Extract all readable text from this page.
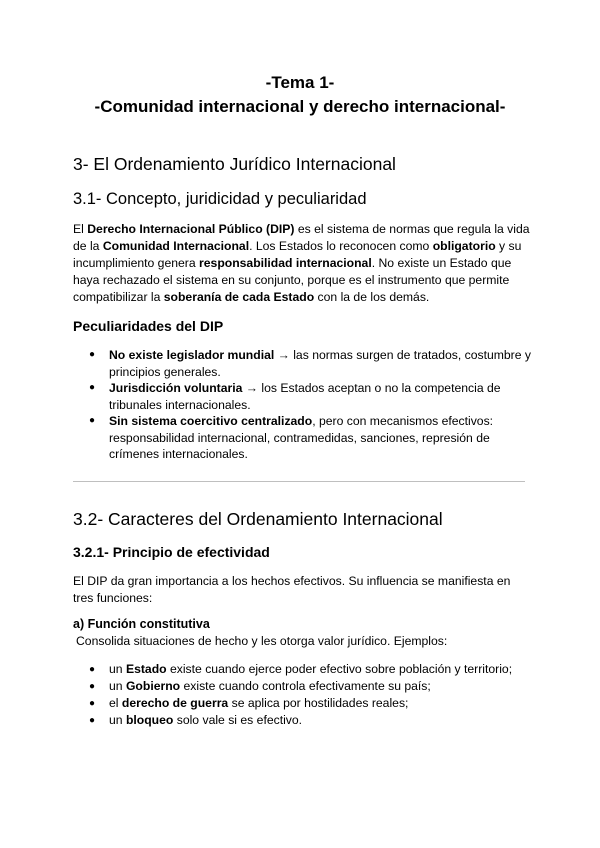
-Tema 1-
-Comunidad internacional y derecho internacional-
3- El Ordenamiento Jurídico Internacional
3.1- Concepto, juridicidad y peculiaridad
El Derecho Internacional Público (DIP) es el sistema de normas que regula la vida de la Comunidad Internacional. Los Estados lo reconocen como obligatorio y su incumplimiento genera responsabilidad internacional. No existe un Estado que haya rechazado el sistema en su conjunto, porque es el instrumento que permite compatibilizar la soberanía de cada Estado con la de los demás.
Peculiaridades del DIP
● No existe legislador mundial → las normas surgen de tratados, costumbre y principios generales.
● Jurisdicción voluntaria → los Estados aceptan o no la competencia de tribunales internacionales.
● Sin sistema coercitivo centralizado, pero con mecanismos efectivos: responsabilidad internacional, contramedidas, sanciones, represión de crímenes internacionales.
3.2- Caracteres del Ordenamiento Internacional
3.2.1- Principio de efectividad
El DIP da gran importancia a los hechos efectivos. Su influencia se manifiesta en tres funciones:
a) Función constitutiva
Consolida situaciones de hecho y les otorga valor jurídico. Ejemplos:
● un Estado existe cuando ejerce poder efectivo sobre población y territorio;
● un Gobierno existe cuando controla efectivamente su país;
● el derecho de guerra se aplica por hostilidades reales;
● un bloqueo solo vale si es efectivo.
